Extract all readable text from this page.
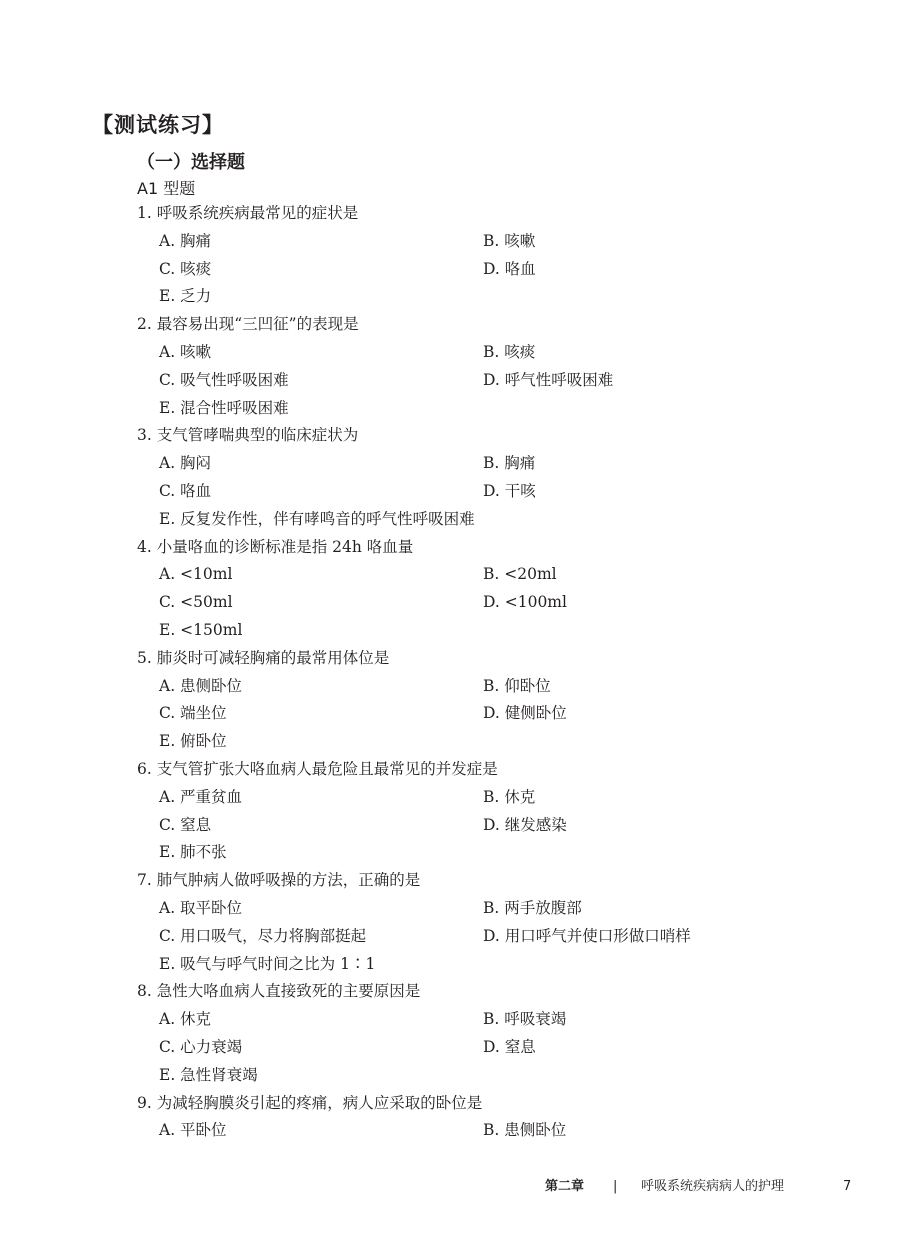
【测试练习】
（一）选择题
A1 型题
1. 呼吸系统疾病最常见的症状是
A. 胸痛	B. 咳嗽
C. 咳痰	D. 咯血
E. 乏力
2. 最容易出现“三凹征”的表现是
A. 咳嗽	B. 咳痰
C. 吸气性呼吸困难	D. 呼气性呼吸困难
E. 混合性呼吸困难
3. 支气管哮喘典型的临床症状为
A. 胸闷	B. 胸痛
C. 咯血	D. 干咳
E. 反复发作性，伴有哮鸣音的呼气性呼吸困难
4. 小量咯血的诊断标准是指 24h 咯血量
A. <10ml	B. <20ml
C. <50ml	D. <100ml
E. <150ml
5. 肺炎时可减轻胸痛的最常用体位是
A. 患侧卧位	B. 仰卧位
C. 端坐位	D. 健侧卧位
E. 俯卧位
6. 支气管扩张大咯血病人最危险且最常见的并发症是
A. 严重贫血	B. 休克
C. 窒息	D. 继发感染
E. 肺不张
7. 肺气肿病人做呼吸操的方法，正确的是
A. 取平卧位	B. 两手放腹部
C. 用口吸气，尽力将胸部挺起	D. 用口呼气并使口形做口哨样
E. 吸气与呼气时间之比为 1∶1
8. 急性大咯血病人直接致死的主要原因是
A. 休克	B. 呼吸衰竭
C. 心力衰竭	D. 窒息
E. 急性肾衰竭
9. 为减轻胸膜炎引起的疼痛，病人应采取的卧位是
A. 平卧位	B. 患侧卧位
第二章 | 呼吸系统疾病病人的护理	7
